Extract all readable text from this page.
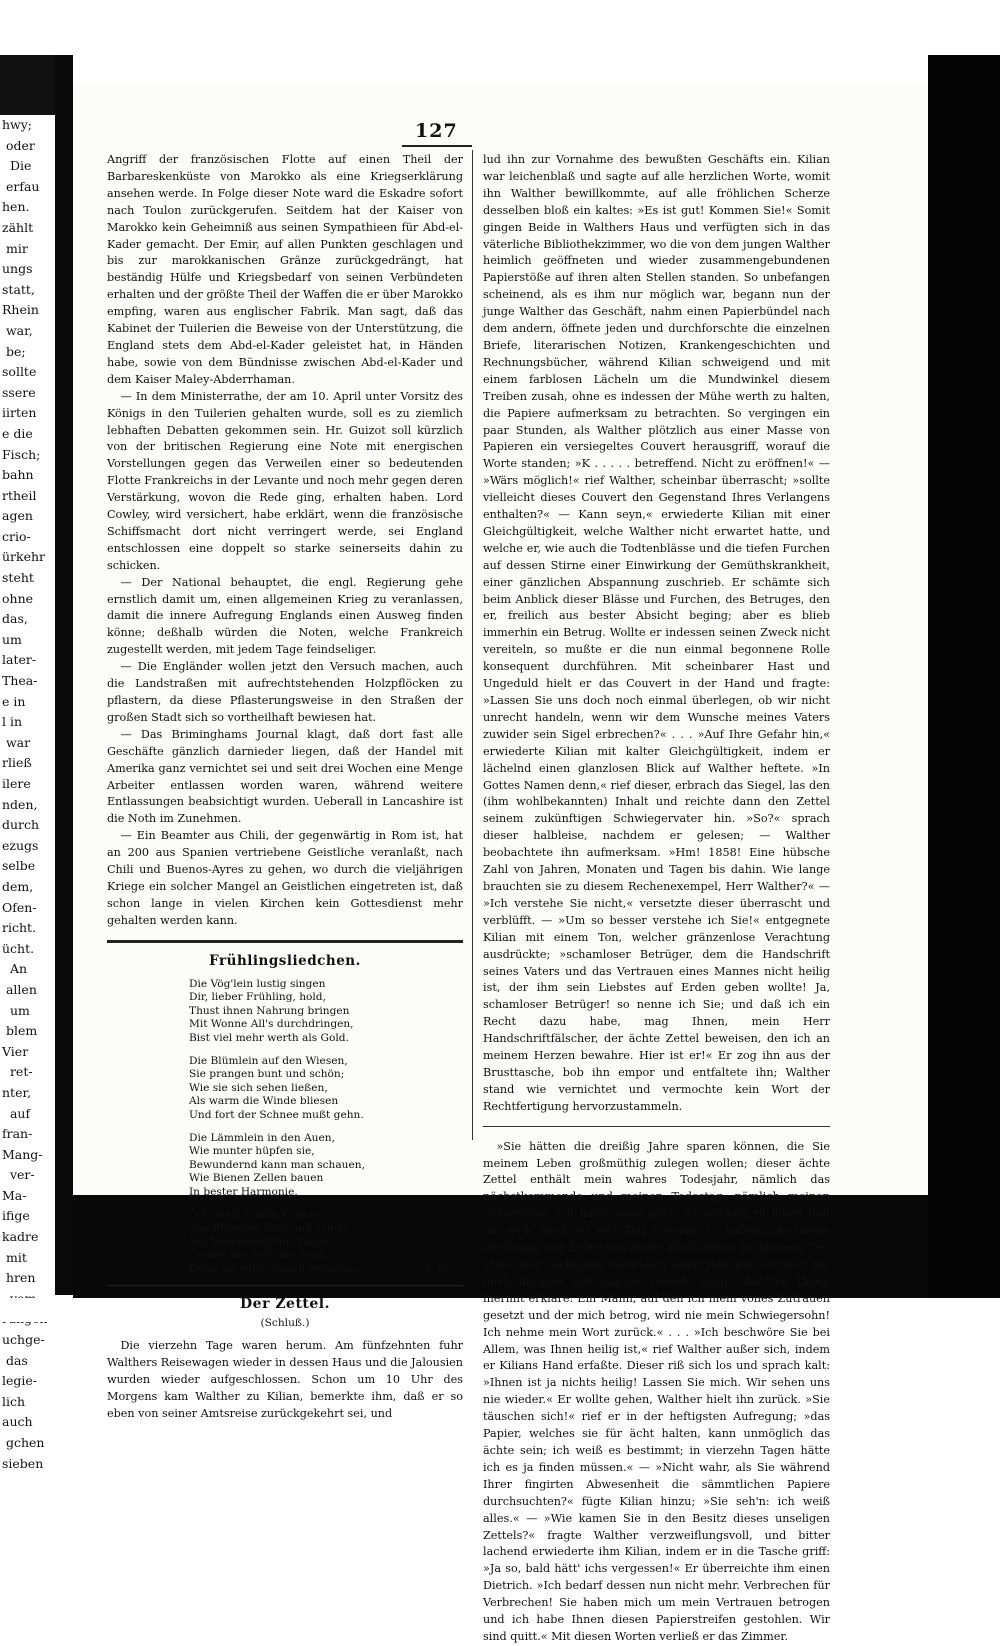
hwy;
oder
Die
erfau
hen.
zählt
mir
ungs
statt,
Rhein
war,
be;
sollte
ssere
iirten
e die
Fisch;
bahn
rtheil
agen
crio-
ürkehr
steht
ohne
das,
um
later-
Thea-
e in
l in
war
rließ
ilere
nden,
durch
ezugs
selbe
dem,
Ofen-
richt.
ücht.
An
allen
um
blem
Vier
ret-
nter,
auf
fran-
Mang-
ver-
Ma-
ifige
kadre
mit
hren
uchge-
das
legie-
lich
auch
gchen
sieben
127

Angriff der französischen Flotte auf einen Theil der Barbareskenküste von Marokko als eine Kriegserklärung ansehen werde. In Folge dieser Note ward die Eskadre sofort nach Toulon zurückgerufen. Seitdem hat der Kaiser von Marokko kein Geheimniß aus seinen Sympathieen für Abd-el-Kader gemacht. Der Emir, auf allen Punkten geschlagen und bis zur marokkanischen Gränze zurückgedrängt, hat beständig Hülfe und Kriegsbedarf von seinen Verbündeten erhalten und der größte Theil der Waffen die er über Marokko empfing, waren aus englischer Fabrik. Man sagt, daß das Kabinet der Tuilerien die Beweise von der Unterstützung, die England stets dem Abd-el-Kader geleistet hat, in Händen habe, sowie von dem Bündnisse zwischen Abd-el-Kader und dem Kaiser Maley-Abderrhaman.

— In dem Ministerrathe, der am 10. April unter Vorsitz des Königs in den Tuilerien gehalten wurde, soll es zu ziemlich lebhaften Debatten gekommen sein. Hr. Guizot soll kürzlich von der britischen Regierung eine Note mit energischen Vorstellungen gegen das Verweilen einer so bedeutenden Flotte Frankreichs in der Levante und noch mehr gegen deren Verstärkung, wovon die Rede ging, erhalten haben. Lord Cowley, wird versichert, habe erklärt, wenn die französische Schiffsmacht dort nicht verringert werde, sei England entschlossen eine doppelt so starke seinerseits dahin zu schicken.

— Der National behauptet, die engl. Regierung gehe ernstlich damit um, einen allgemeinen Krieg zu veranlassen, damit die innere Aufregung Englands einen Ausweg finden könne; deßhalb würden die Noten, welche Frankreich zugestellt werden, mit jedem Tage feindseliger.

— Die Engländer wollen jetzt den Versuch machen, auch die Landstraßen mit aufrechtstehenden Holzpflöcken zu pflastern, da diese Pflasterungsweise in den Straßen der großen Stadt sich so vortheilhaft bewiesen hat.

— Das Briminghams Journal klagt, daß dort fast alle Geschäfte gänzlich darnieder liegen, daß der Handel mit Amerika ganz vernichtet sei und seit drei Wochen eine Menge Arbeiter entlassen worden waren, während weitere Entlassungen beabsichtigt wurden. Ueberall in Lancashire ist die Noth im Zunehmen.

— Ein Beamter aus Chili, der gegenwärtig in Rom ist, hat an 200 aus Spanien vertriebene Geistliche veranlaßt, nach Chili und Buenos-Ayres zu gehen, wo durch die vieljährigen Kriege ein solcher Mangel an Geistlichen eingetreten ist, daß schon lange in vielen Kirchen kein Gottesdienst mehr gehalten werden kann.

Frühlingsliedchen.
Die Vög'lein lustig singen
Dir, lieber Frühling, hold,
Thust ihnen Nahrung bringen
Mit Wonne All's durchdringen,
Bist viel mehr werth als Gold.
Die Blümlein auf den Wiesen,
Sie prangen bunt und schön;
Wie sie sich sehen ließen,
Als warm die Winde bliesen
Und fort der Schnee mußt gehn.
Die Lämmlein in den Auen,
Wie munter hüpfen sie,
Bewundernd kann man schauen,
Wie Bienen Zellen bauen
In bester Harmonie.
O Jugend, winde Kränze,
Von Blümlein bunt und schön,
Mit Wonnesang auf Tänze
Genieß die Zeit im Lenze,
Denn sie wird schnell vergehn.	A. D.
Der Zettel.
(Schluß.)

Die vierzehn Tage waren herum. Am fünfzehnten fuhr Walthers Reisewagen wieder in dessen Haus und die Jalousien wurden wieder aufgeschlossen. Schon um 10 Uhr des Morgens kam Walther zu Kilian, bemerkte ihm, daß er so eben von seiner Amtsreise zurückgekehrt sei, und

lud ihn zur Vornahme des bewußten Geschäfts ein. Kilian war leichenblaß und sagte auf alle herzlichen Worte, womit ihn Walther bewillkommte, auf alle fröhlichen Scherze desselben bloß ein kaltes: »Es ist gut! Kommen Sie!« Somit gingen Beide in Walthers Haus und verfügten sich in das väterliche Bibliothekzimmer, wo die von dem jungen Walther heimlich geöffneten und wieder zusammengebundenen Papierstöße auf ihren alten Stellen standen. So unbefangen scheinend, als es ihm nur möglich war, begann nun der junge Walther das Geschäft, nahm einen Papierbündel nach dem andern, öffnete jeden und durchforschte die einzelnen Briefe, literarischen Notizen, Krankengeschichten und Rechnungsbücher, während Kilian schweigend und mit einem farblosen Lächeln um die Mundwinkel diesem Treiben zusah, ohne es indessen der Mühe werth zu halten, die Papiere aufmerksam zu betrachten. So vergingen ein paar Stunden, als Walther plötzlich aus einer Masse von Papieren ein versiegeltes Couvert herausgriff, worauf die Worte standen; »K . . . . . betreffend. Nicht zu eröffnen!« — »Wärs möglich!« rief Walther, scheinbar überrascht; »sollte vielleicht dieses Couvert den Gegenstand Ihres Verlangens enthalten?« — Kann seyn,« erwiederte Kilian mit einer Gleichgültigkeit, welche Walther nicht erwartet hatte, und welche er, wie auch die Todtenblässe und die tiefen Furchen auf dessen Stirne einer Einwirkung der Gemüthskrankheit, einer gänzlichen Abspannung zuschrieb. Er schämte sich beim Anblick dieser Blässe und Furchen, des Betruges, den er, freilich aus bester Absicht beging; aber es blieb immerhin ein Betrug. Wollte er indessen seinen Zweck nicht vereiteln, so mußte er die nun einmal begonnene Rolle konsequent durchführen. Mit scheinbarer Hast und Ungeduld hielt er das Couvert in der Hand und fragte: »Lassen Sie uns doch noch einmal überlegen, ob wir nicht unrecht handeln, wenn wir dem Wunsche meines Vaters zuwider sein Sigel erbrechen?« . . . »Auf Ihre Gefahr hin,« erwiederte Kilian mit kalter Gleichgültigkeit, indem er lächelnd einen glanzlosen Blick auf Walther heftete. »In Gottes Namen denn,« rief dieser, erbrach das Siegel, las den (ihm wohlbekannten) Inhalt und reichte dann den Zettel seinem zukünftigen Schwiegervater hin. »So?« sprach dieser halbleise, nachdem er gelesen; — Walther beobachtete ihn aufmerksam. »Hm! 1858! Eine hübsche Zahl von Jahren, Monaten und Tagen bis dahin. Wie lange brauchten sie zu diesem Rechenexempel, Herr Walther?« — »Ich verstehe Sie nicht,« versetzte dieser überrascht und verblüfft. — »Um so besser verstehe ich Sie!« entgegnete Kilian mit einem Ton, welcher gränzenlose Verachtung ausdrückte; »schamloser Betrüger, dem die Handschrift seines Vaters und das Vertrauen eines Mannes nicht heilig ist, der ihm sein Liebstes auf Erden geben wollte! Ja, schamloser Betrüger! so nenne ich Sie; und daß ich ein Recht dazu habe, mag Ihnen, mein Herr Handschriftfälscher, der ächte Zettel beweisen, den ich an meinem Herzen bewahre. Hier ist er!« Er zog ihn aus der Brusttasche, bob ihn empor und entfaltete ihn; Walther stand wie vernichtet und vermochte kein Wort der Rechtfertigung hervorzustammeln.

»Sie hätten die dreißig Jahre sparen können, die Sie meinem Leben großmüthig zulegen wollen; dieser ächte Zettel enthält mein wahres Todesjahr, nämlich das nächstkommende und meinen Todestag, nämlich meinen Geburtstag. Ich habe somit noch 50 Wochen zu leben und bin froh, noch so viel Zeit vor mir zu haben, um meine Rechnung auf Erden mit Ruhe abschließen zu können. Der erste und wichtigste Gebrauch aber, den ich von der mir noch übrigen Zeit mache, besteht darin, daß ich Ihnen hiermit erkläre: Ein Mann, auf den ich mein volles Zutrauen gesetzt und der mich betrog, wird nie mein Schwiegersohn! Ich nehme mein Wort zurück.« . . . »Ich beschwöre Sie bei Allem, was Ihnen heilig ist,« rief Walther außer sich, indem er Kilians Hand erfaßte. Dieser riß sich los und sprach kalt: »Ihnen ist ja nichts heilig! Lassen Sie mich. Wir sehen uns nie wieder.« Er wollte gehen, Walther hielt ihn zurück. »Sie täuschen sich!« rief er in der heftigsten Aufregung; »das Papier, welches sie für ächt halten, kann unmöglich das ächte sein; ich weiß es bestimmt; in vierzehn Tagen hätte ich es ja finden müssen.« — »Nicht wahr, als Sie während Ihrer fingirten Abwesenheit die sämmtlichen Papiere durchsuchten?« fügte Kilian hinzu; »Sie seh'n: ich weiß alles.« — »Wie kamen Sie in den Besitz dieses unseligen Zettels?« fragte Walther verzweiflungsvoll, und bitter lachend erwiederte ihm Kilian, indem er in die Tasche griff: »Ja so, bald hätt' ichs vergessen!« Er überreichte ihm einen Dietrich. »Ich bedarf dessen nun nicht mehr. Verbrechen für Verbrechen! Sie haben mich um mein Vertrauen betrogen und ich habe Ihnen diesen Papierstreifen gestohlen. Wir sind quitt.« Mit diesen Worten verließ er das Zimmer.
